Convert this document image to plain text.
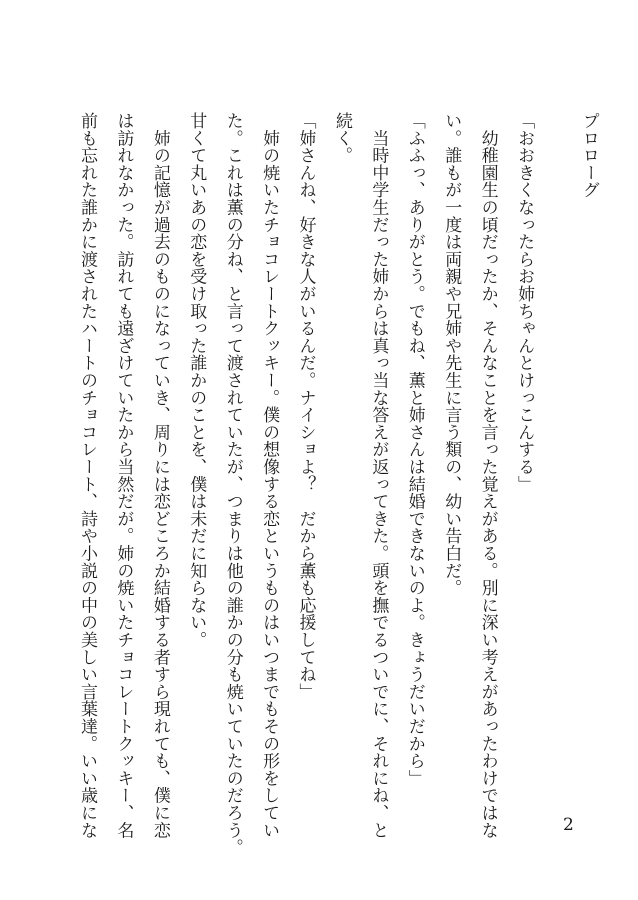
プロローグ

「おおきくなったらお姉ちゃんとけっこんする」

　幼稚園生の頃だったか、そんなことを言った覚えがある。別に深い考えがあったわけではな

い。誰もが一度は両親や兄姉や先生に言う類の、幼い告白だ。

「ふふっ、ありがとう。でもね、薫と姉さんは結婚できないのよ。きょうだいだから」

　当時中学生だった姉からは真っ当な答えが返ってきた。頭を撫でるついでに、それにね、と

続く。

「姉さんね、好きな人がいるんだ。ナイショよ？　だから薫も応援してね」

　姉の焼いたチョコレートクッキー。僕の想像する恋というものはいつまでもその形をしてい

た。これは薫の分ね、と言って渡されていたが、つまりは他の誰かの分も焼いていたのだろう。

甘くて丸いあの恋を受け取った誰かのことを、僕は未だに知らない。

　姉の記憶が過去のものになっていき、周りには恋どころか結婚する者すら現れても、僕に恋

は訪れなかった。訪れても遠ざけていたから当然だが。姉の焼いたチョコレートクッキー、名

前も忘れた誰かに渡されたハートのチョコレート、詩や小説の中の美しい言葉達。いい歳にな	2
